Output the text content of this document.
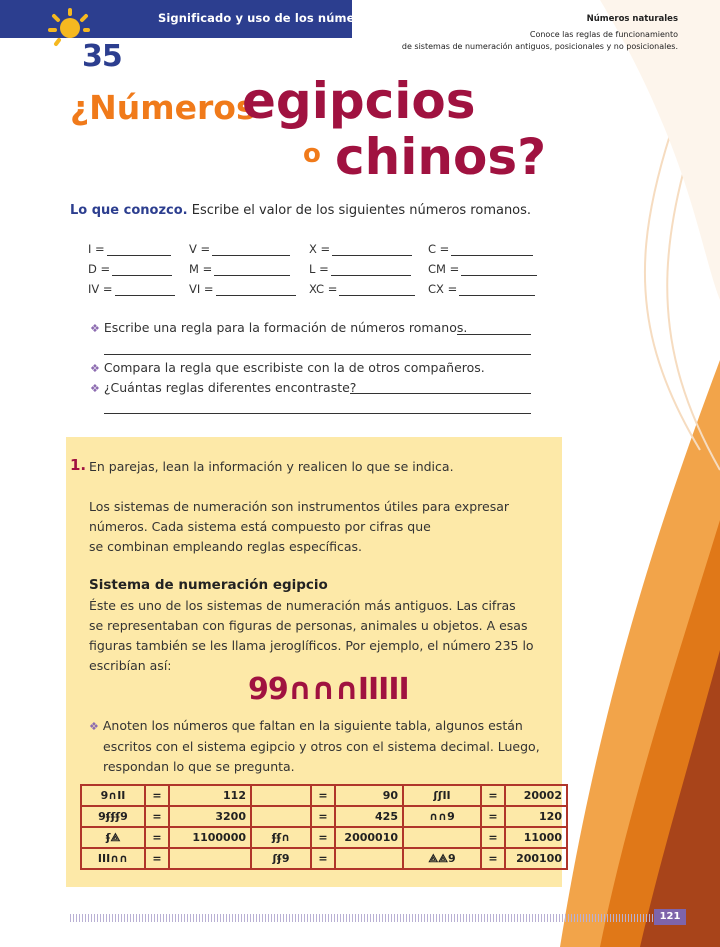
Significado y uso de los números
35
Números naturales
Conoce las reglas de funcionamiento
de sistemas de numeración antiguos, posicionales y no posicionales.
¿Números
egipcios
o chinos?
Lo que conozco. Escribe el valor de los siguientes números romanos.
I =	V =	X =	C =
D =	M =	L =	CM =
IV =	VI =	XC =	CX =
❖ Escribe una regla para la formación de números romanos.
❖ Compara la regla que escribiste con la de otros compañeros.
❖ ¿Cuántas reglas diferentes encontraste?
1. En parejas, lean la información y realicen lo que se indica.
Los sistemas de numeración son instrumentos útiles para expresar
números. Cada sistema está compuesto por cifras que
se combinan empleando reglas específicas.
Sistema de numeración egipcio
Éste es uno de los sistemas de numeración más antiguos. Las cifras
se representaban con figuras de personas, animales u objetos. A esas
figuras también se les llama jeroglíficos. Por ejemplo, el número 235 lo
escribían así:
99∩∩∩IIIII
❖ Anoten los números que faltan en la siguiente tabla, algunos están
escritos con el sistema egipcio y otros con el sistema decimal. Luego,
respondan lo que se pregunta.
9∩II	=	112		=	90	ʃʃII	=	20002
9ʄʄʄ9	=	3200		=	425	∩∩9	=	120
ʄ⟁	=	1100000	ʄʄ∩	=	2000010		=	11000
III∩∩	=		ʃʄ9	=		⟁⟁9	=	200100
121
